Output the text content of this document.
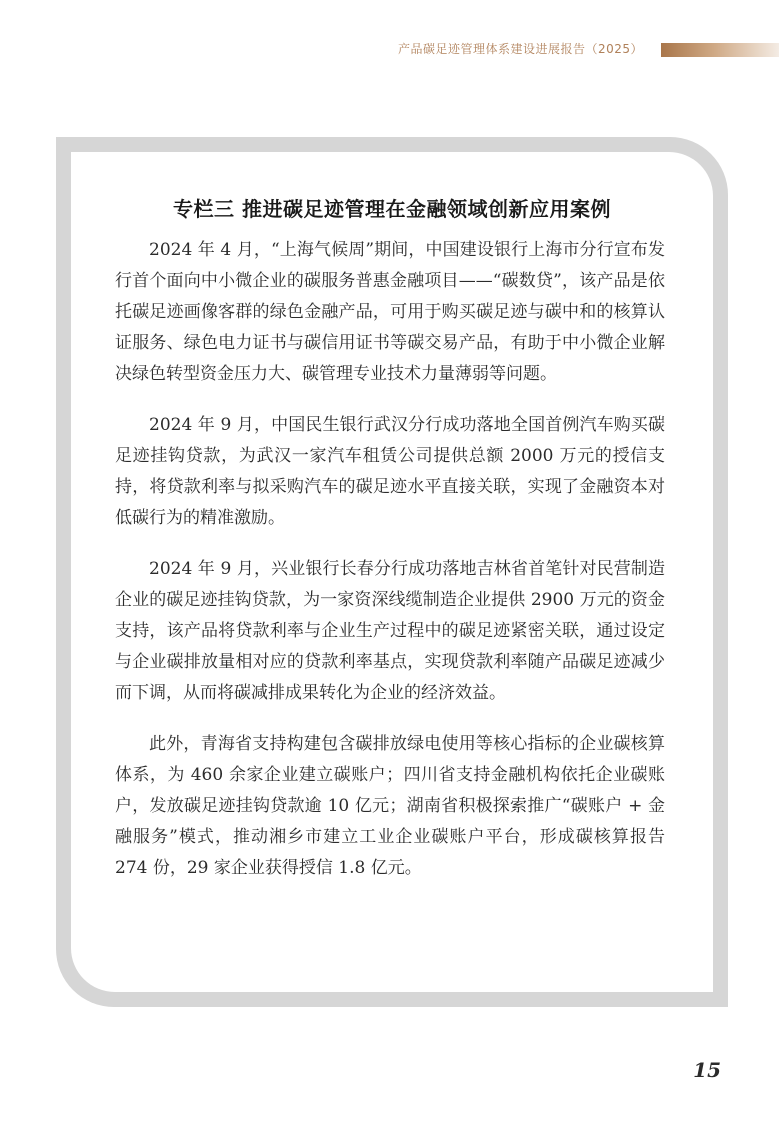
产品碳足迹管理体系建设进展报告（2025）
专栏三 推进碳足迹管理在金融领域创新应用案例

2024 年 4 月，“上海气候周”期间，中国建设银行上海市分行宣布发行首个面向中小微企业的碳服务普惠金融项目——“碳数贷”，该产品是依托碳足迹画像客群的绿色金融产品，可用于购买碳足迹与碳中和的核算认证服务、绿色电力证书与碳信用证书等碳交易产品，有助于中小微企业解决绿色转型资金压力大、碳管理专业技术力量薄弱等问题。

2024 年 9 月，中国民生银行武汉分行成功落地全国首例汽车购买碳足迹挂钩贷款，为武汉一家汽车租赁公司提供总额 2000 万元的授信支持，将贷款利率与拟采购汽车的碳足迹水平直接关联，实现了金融资本对低碳行为的精准激励。

2024 年 9 月，兴业银行长春分行成功落地吉林省首笔针对民营制造企业的碳足迹挂钩贷款，为一家资深线缆制造企业提供 2900 万元的资金支持，该产品将贷款利率与企业生产过程中的碳足迹紧密关联，通过设定与企业碳排放量相对应的贷款利率基点，实现贷款利率随产品碳足迹减少而下调，从而将碳减排成果转化为企业的经济效益。

此外，青海省支持构建包含碳排放绿电使用等核心指标的企业碳核算体系，为 460 余家企业建立碳账户；四川省支持金融机构依托企业碳账户，发放碳足迹挂钩贷款逾 10 亿元；湖南省积极探索推广“碳账户 + 金融服务”模式，推动湘乡市建立工业企业碳账户平台，形成碳核算报告 274 份，29 家企业获得授信 1.8 亿元。

15
